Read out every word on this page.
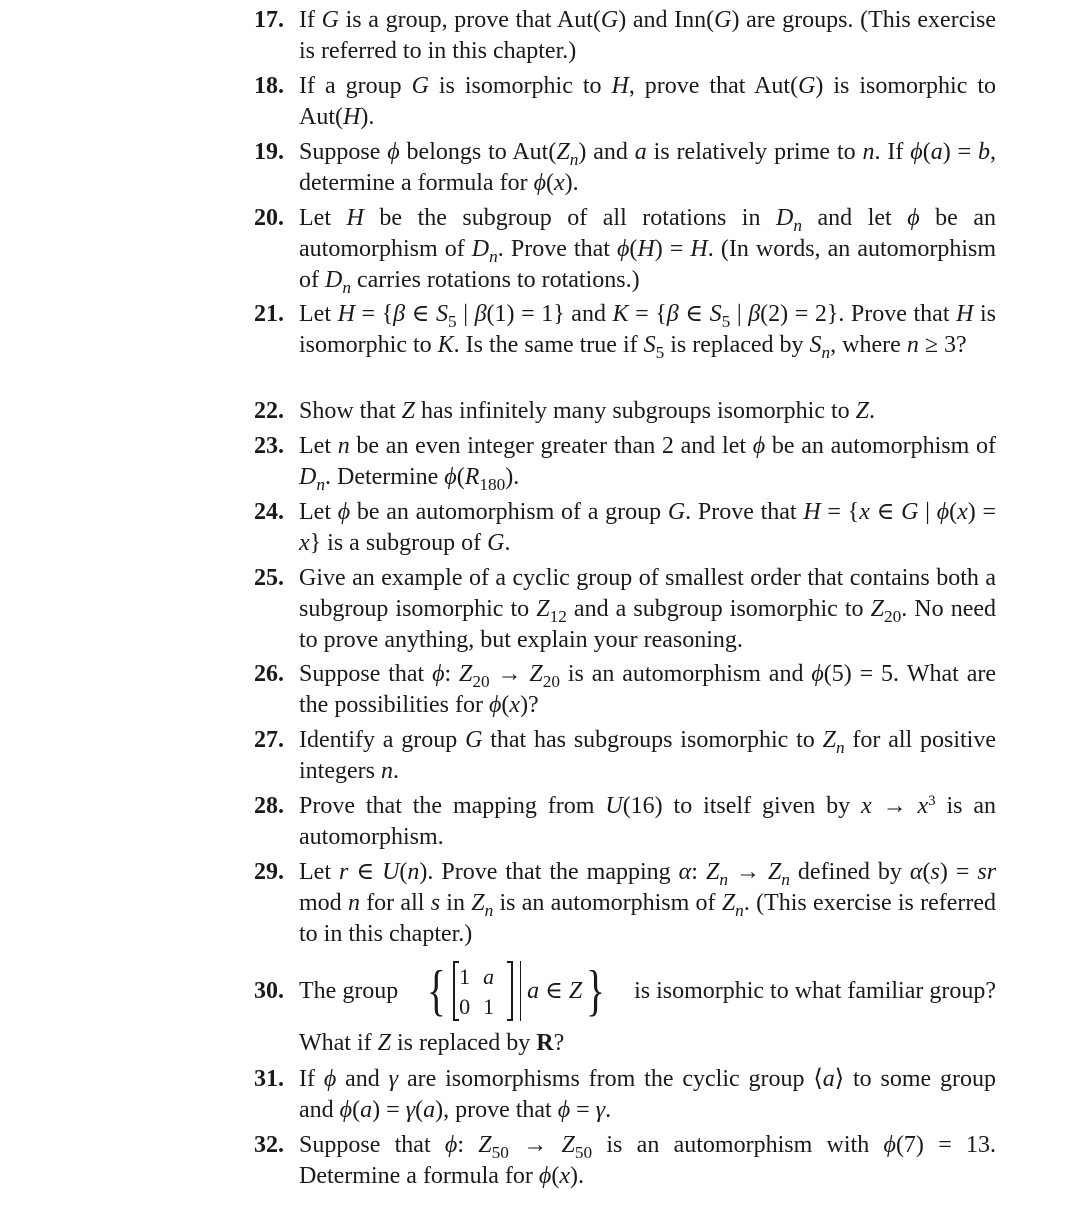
17. If G is a group, prove that Aut(G) and Inn(G) are groups. (This exercise is referred to in this chapter.)
18. If a group G is isomorphic to H, prove that Aut(G) is isomorphic to Aut(H).
19. Suppose ϕ belongs to $Aut(Z_n)$ and a is relatively prime to n. If ϕ(a) = b, determine a formula for ϕ(x).
20. Let H be the subgroup of all rotations in $D_n$ and let ϕ be an automorphism of $D_n$. Prove that ϕ(H) = H. (In words, an automorphism of $D_n$ carries rotations to rotations.)
21. Let H = {β ∈ $S_5$ | β(1) = 1} and K = {β ∈ $S_5$ | β(2) = 2}. Prove that H is isomorphic to K. Is the same true if $S_5$ is replaced by $S_n$, where n ≥ 3?
22. Show that Z has infinitely many subgroups isomorphic to Z.
23. Let n be an even integer greater than 2 and let ϕ be an automorphism of $D_n$. Determine $\phi(R_{180})$.
24. Let ϕ be an automorphism of a group G. Prove that H = {x ∈ G | ϕ(x) = x} is a subgroup of G.
25. Give an example of a cyclic group of smallest order that contains both a subgroup isomorphic to $Z_{12}$ and a subgroup isomorphic to $Z_{20}$. No need to prove anything, but explain your reasoning.
26. Suppose that ϕ: $Z_{20} \to Z_{20}$ is an automorphism and ϕ(5) = 5. What are the possibilities for ϕ(x)?
27. Identify a group G that has subgroups isomorphic to $Z_n$ for all positive integers n.
28. Prove that the mapping from U(16) to itself given by $x \to x^3$ is an automorphism.
29. Let r ∈ U(n). Prove that the mapping α: $Z_n \to Z_n$ defined by α(s) = sr mod n for all s in $Z_n$ is an automorphism of $Z_n$. (This exercise is referred to in this chapter.)
30. The group { 1 a
0 1
a ∈ Z } is isomorphic to what familiar group?
What if Z is replaced by R?
31. If ϕ and γ are isomorphisms from the cyclic group ⟨a⟩ to some group and ϕ(a) = γ(a), prove that ϕ = γ.
32. Suppose that ϕ: $Z_{50} \to Z_{50}$ is an automorphism with ϕ(7) = 13. Determine a formula for ϕ(x).
